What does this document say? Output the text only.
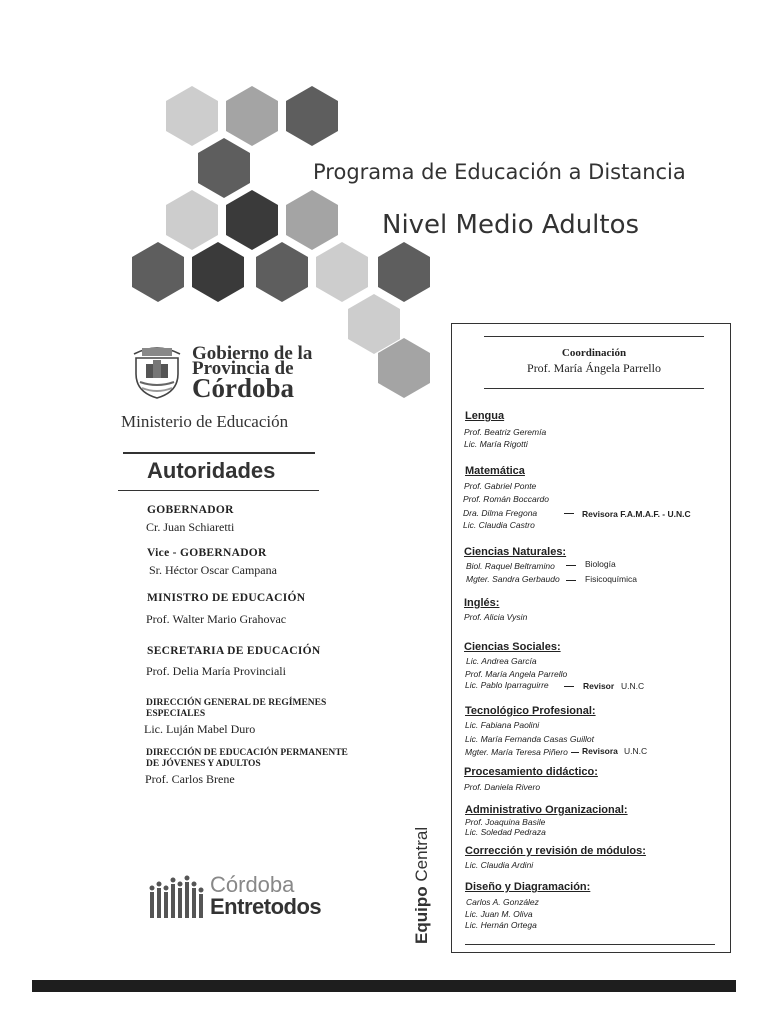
Programa de Educación a Distancia
Nivel Medio Adultos
Gobierno de la
Provincia de
Córdoba
Ministerio de Educación
Autoridades
GOBERNADOR
Cr. Juan Schiaretti
Vice - GOBERNADOR
Sr. Héctor Oscar Campana
MINISTRO DE EDUCACIÓN
Prof. Walter Mario Grahovac
SECRETARIA DE EDUCACIÓN
Prof. Delia María Provinciali
DIRECCIÓN GENERAL DE REGÍMENES
ESPECIALES
Lic. Luján Mabel Duro
DIRECCIÓN DE EDUCACIÓN PERMANENTE
DE JÓVENES Y ADULTOS
Prof. Carlos Brene
Córdoba
Entretodos	Equipo Central
Coordinación
Prof. María Ángela Parrello
Lengua
Prof. Beatriz Geremía
Lic. María Rigotti
Matemática
Prof. Gabriel Ponte
Prof. Román Boccardo
Dra. Dilma Fregona	Revisora F.A.M.A.F. - U.N.C
Lic. Claudia Castro
Ciencias Naturales:
Biol. Raquel Beltramino	Biología
Mgter. Sandra Gerbaudo	Fisicoquímica
Inglés:
Prof. Alicia Vysin
Ciencias Sociales:
Lic. Andrea García
Prof. María Angela Parrello
Lic. Pablo Iparraguirre	Revisor U.N.C
Tecnológico Profesional:
Lic. Fabiana Paolini
Lic. María Fernanda Casas Guillot
Mgter. María Teresa Piñero Revisora U.N.C
Procesamiento didáctico:
Prof. Daniela Rivero
Administrativo Organizacional:
Prof. Joaquina Basile
Lic. Soledad Pedraza
Corrección y revisión de módulos:
Lic. Claudia Ardini
Diseño y Diagramación:
Carlos A. González
Lic. Juan M. Oliva
Lic. Hernán Ortega
